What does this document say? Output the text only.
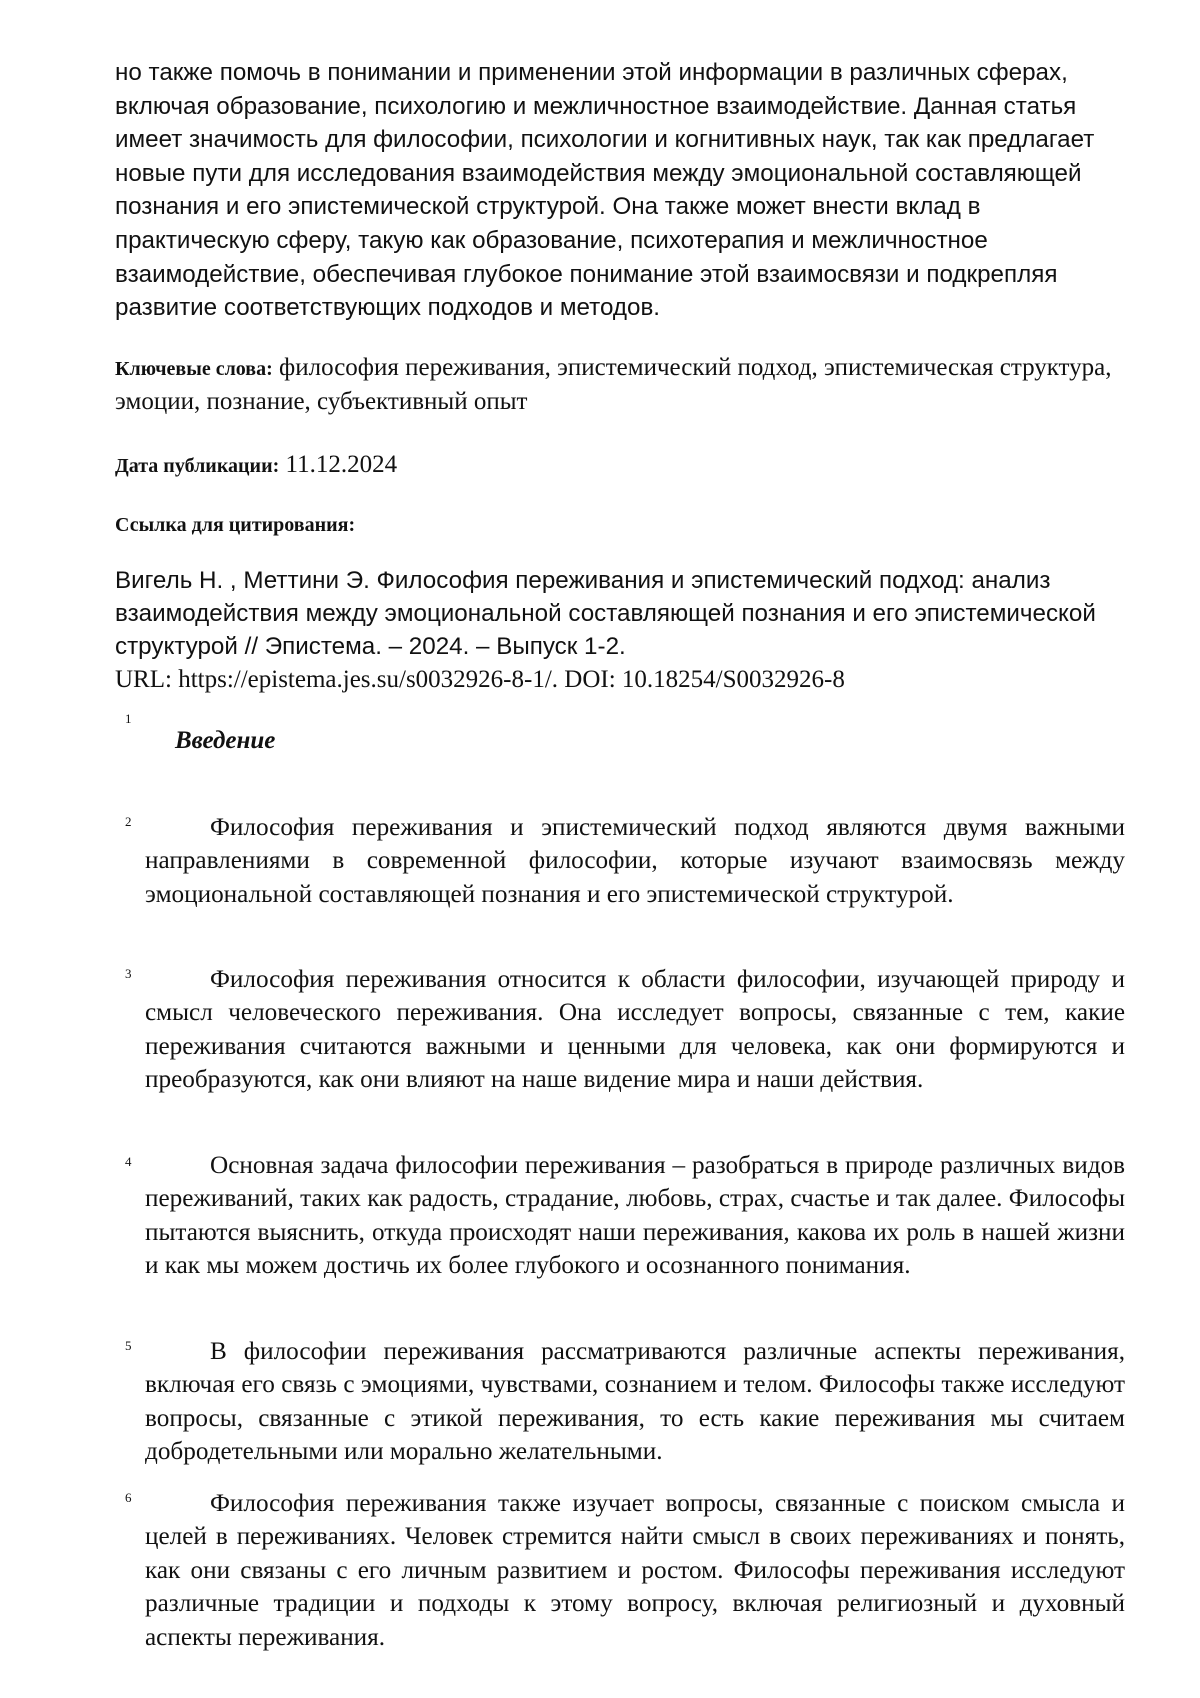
но также помочь в понимании и применении этой информации в различных сферах, включая образование, психологию и межличностное взаимодействие. Данная статья имеет значимость для философии, психологии и когнитивных наук, так как предлагает новые пути для исследования взаимодействия между эмоциональной составляющей познания и его эпистемической структурой. Она также может внести вклад в практическую сферу, такую как образование, психотерапия и межличностное взаимодействие, обеспечивая глубокое понимание этой взаимосвязи и подкрепляя развитие соответствующих подходов и методов.

Ключевые слова: философия переживания, эпистемический подход, эпистемическая структура, эмоции, познание, субъективный опыт

Дата публикации: 11.12.2024

Ссылка для цитирования:

Вигель Н. , Меттини Э. Философия переживания и эпистемический подход: анализ взаимодействия между эмоциональной составляющей познания и его эпистемической структурой // Эпистема. – 2024. – Выпуск 1-2.
URL: https://epistema.jes.su/s0032926-8-1/. DOI: 10.18254/S0032926-8

1
Введение
2	Философия переживания и эпистемический подход являются двумя важными направлениями в современной философии, которые изучают взаимосвязь между эмоциональной составляющей познания и его эпистемической структурой.

3	Философия переживания относится к области философии, изучающей природу и смысл человеческого переживания. Она исследует вопросы, связанные с тем, какие переживания считаются важными и ценными для человека, как они формируются и преобразуются, как они влияют на наше видение мира и наши действия.

4	Основная задача философии переживания – разобраться в природе различных видов переживаний, таких как радость, страдание, любовь, страх, счастье и так далее. Философы пытаются выяснить, откуда происходят наши переживания, какова их роль в нашей жизни и как мы можем достичь их более глубокого и осознанного понимания.

5	В философии переживания рассматриваются различные аспекты переживания, включая его связь с эмоциями, чувствами, сознанием и телом. Философы также исследуют вопросы, связанные с этикой переживания, то есть какие переживания мы считаем добродетельными или морально желательными.

6	Философия переживания также изучает вопросы, связанные с поиском смысла и целей в переживаниях. Человек стремится найти смысл в своих переживаниях и понять, как они связаны с его личным развитием и ростом. Философы переживания исследуют различные традиции и подходы к этому вопросу, включая религиозный и духовный аспекты переживания.
